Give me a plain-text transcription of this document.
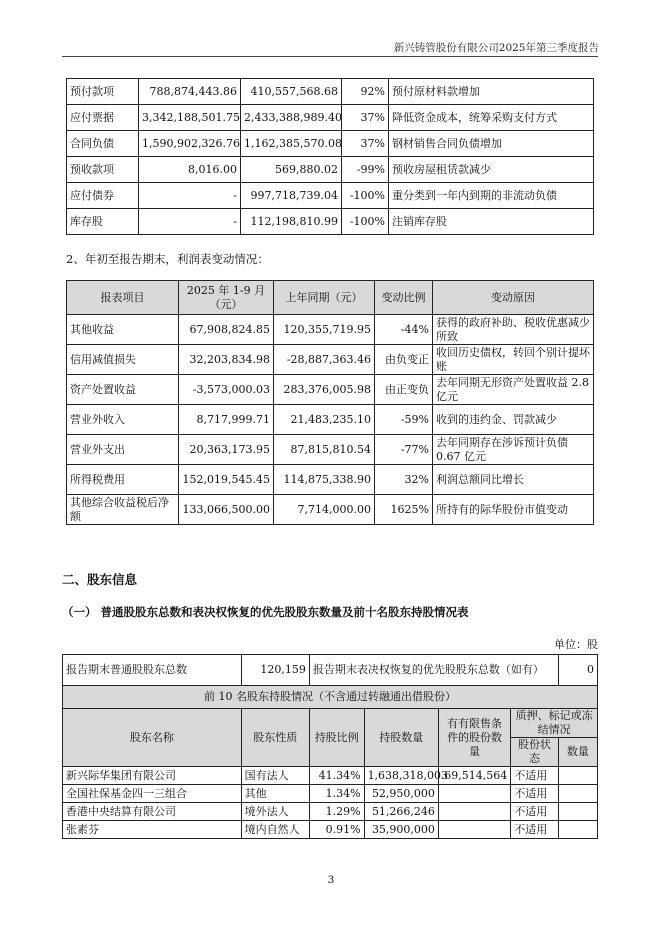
新兴铸管股份有限公司2025年第三季度报告
预付款项	788,874,443.86	410,557,568.68	92%	预付原材料款增加
应付票据	3,342,188,501.75	2,433,388,989.40	37%	降低资金成本，统筹采购支付方式
合同负债	1,590,902,326.76	1,162,385,570.08	37%	钢材销售合同负债增加
预收款项	8,016.00	569,880.02	-99%	预收房屋租赁款减少
应付债券	-	997,718,739.04	-100%	重分类到一年内到期的非流动负债
库存股	-	112,198,810.99	-100%	注销库存股
2、年初至报告期末，利润表变动情况：
报表项目	2025 年 1-9 月（元）	上年同期（元）	变动比例	变动原因
其他收益	67,908,824.85	120,355,719.95	-44%	获得的政府补助、税收优惠减少所致
信用减值损失	32,203,834.98	-28,887,363.46	由负变正	收回历史债权，转回个别计提坏账
资产处置收益	-3,573,000.03	283,376,005.98	由正变负	去年同期无形资产处置收益 2.8 亿元
营业外收入	8,717,999.71	21,483,235.10	-59%	收到的违约金、罚款减少
营业外支出	20,363,173.95	87,815,810.54	-77%	去年同期存在涉诉预计负债 0.67 亿元
所得税费用	152,019,545.45	114,875,338.90	32%	利润总额同比增长
其他综合收益税后净额	133,066,500.00	7,714,000.00	1625%	所持有的际华股份市值变动
二、股东信息
（一） 普通股股东总数和表决权恢复的优先股股东数量及前十名股东持股情况表
单位：股
报告期末普通股股东总数	120,159	报告期末表决权恢复的优先股股东总数（如有）				0
前 10 名股东持股情况（不含通过转融通出借股份）						
股东名称	股东性质	持股比例	持股数量	有有限售条件的股份数量	质押、标记或冻结情况	
					股份状态	数量
新兴际华集团有限公司	国有法人	41.34%	1,638,318,003	69,514,564	不适用	
全国社保基金四一三组合	其他	1.34%	52,950,000		不适用	
香港中央结算有限公司	境外法人	1.29%	51,266,246		不适用	
张素芬	境内自然人	0.91%	35,900,000		不适用	
3
